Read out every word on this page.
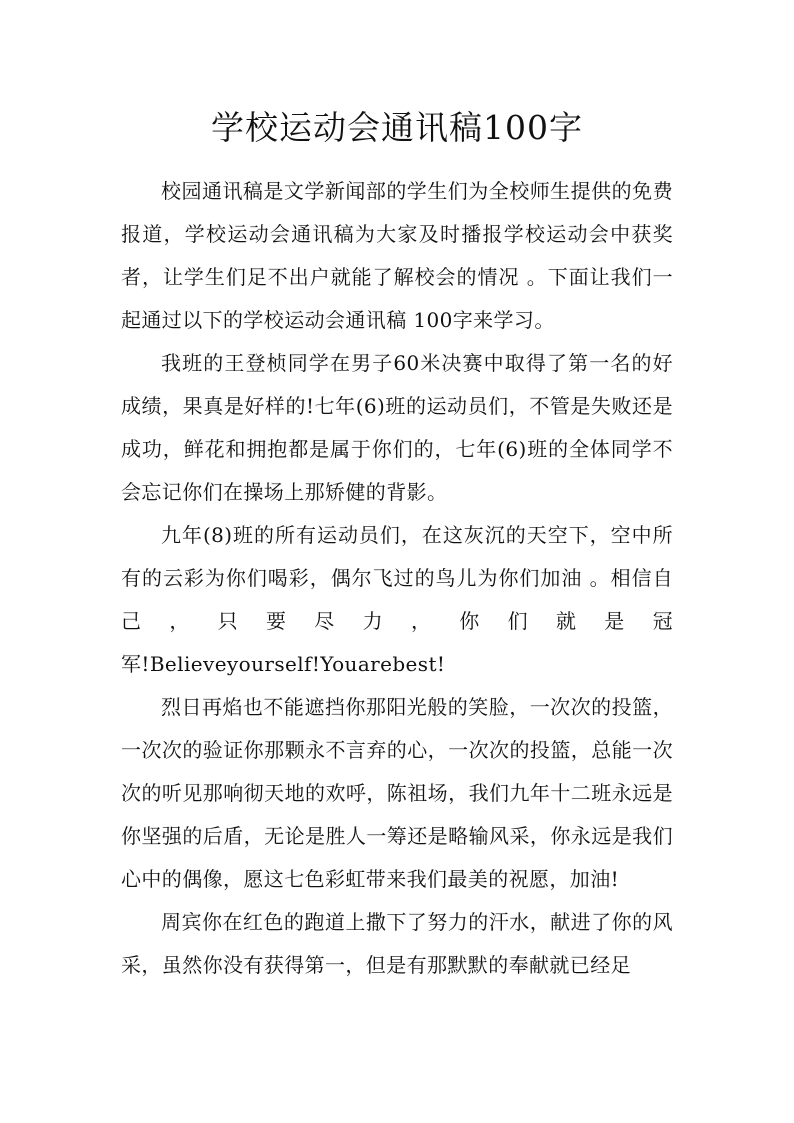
学校运动会通讯稿100字

校园通讯稿是文学新闻部的学生们为全校师生提供的免费报道，学校运动会通讯稿为大家及时播报学校运动会中获奖者，让学生们足不出户就能了解校会的情况 。下面让我们一起通过以下的学校运动会通讯稿 100字来学习。

我班的王登桢同学在男子60米决赛中取得了第一名的好成绩，果真是好样的!七年(6)班的运动员们，不管是失败还是成功，鲜花和拥抱都是属于你们的，七年(6)班的全体同学不会忘记你们在操场上那矫健的背影。

九年(8)班的所有运动员们，在这灰沉的天空下，空中所有的云彩为你们喝彩，偶尔飞过的鸟儿为你们加油 。相信自 己 ， 只 要 尽 力 ， 你 们 就 是 冠军!Believeyourself!Youarebest!

烈日再焰也不能遮挡你那阳光般的笑脸，一次次的投篮，一次次的验证你那颗永不言弃的心，一次次的投篮，总能一次次的听见那响彻天地的欢呼，陈祖场，我们九年十二班永远是你坚强的后盾，无论是胜人一筹还是略输风采，你永远是我们心中的偶像，愿这七色彩虹带来我们最美的祝愿，加油!

周宾你在红色的跑道上撒下了努力的汗水，献进了你的风采，虽然你没有获得第一，但是有那默默的奉献就已经足
